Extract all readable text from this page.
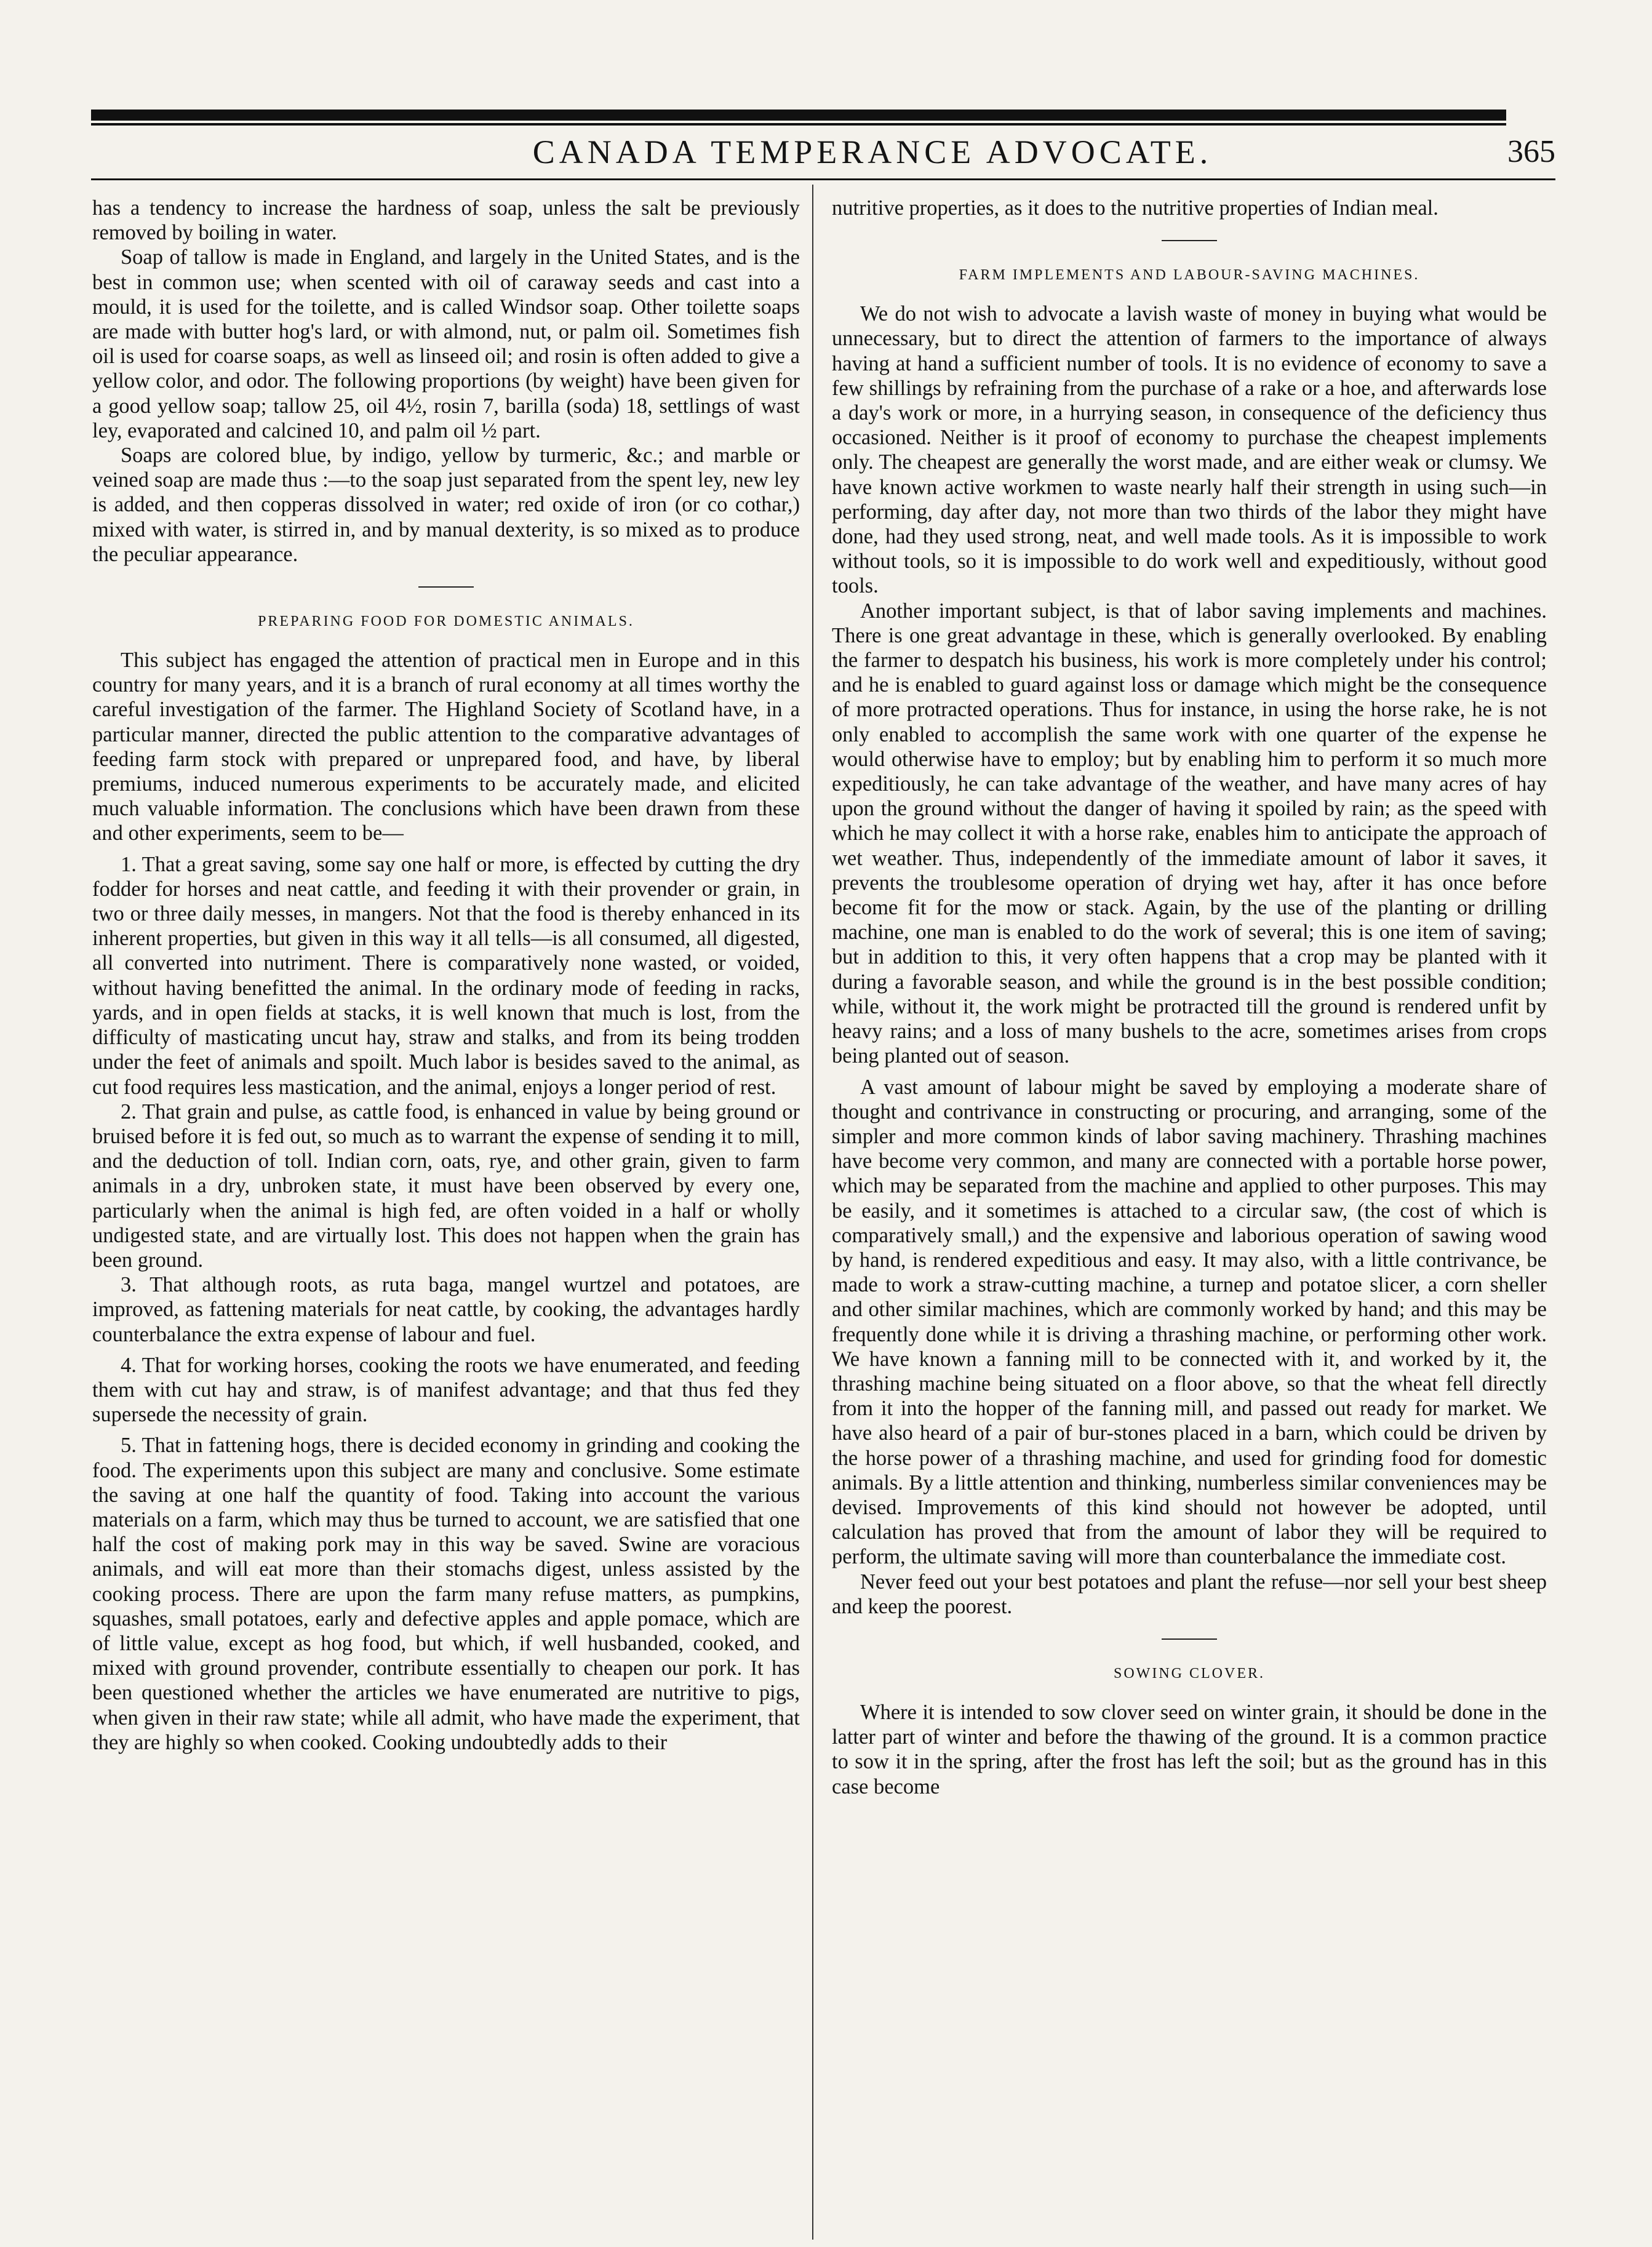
CANADA TEMPERANCE ADVOCATE.	365

has a tendency to increase the hardness of soap, unless the salt be previously removed by boiling in water.

Soap of tallow is made in England, and largely in the United States, and is the best in common use; when scented with oil of caraway seeds and cast into a mould, it is used for the toilette, and is called Windsor soap. Other toilette soaps are made with butter hog's lard, or with almond, nut, or palm oil. Sometimes fish oil is used for coarse soaps, as well as linseed oil; and rosin is often added to give a yellow color, and odor. The following proportions (by weight) have been given for a good yellow soap; tallow 25, oil 4½, rosin 7, barilla (soda) 18, settlings of wast ley, evaporated and calcined 10, and palm oil ½ part.

Soaps are colored blue, by indigo, yellow by turmeric, &c.; and marble or veined soap are made thus :—to the soap just separated from the spent ley, new ley is added, and then copperas dissolved in water; red oxide of iron (or co cothar,) mixed with water, is stirred in, and by manual dexterity, is so mixed as to produce the peculiar appearance.

PREPARING FOOD FOR DOMESTIC ANIMALS.

This subject has engaged the attention of practical men in Europe and in this country for many years, and it is a branch of rural economy at all times worthy the careful investigation of the farmer. The Highland Society of Scotland have, in a particular manner, directed the public attention to the comparative advantages of feeding farm stock with prepared or unprepared food, and have, by liberal premiums, induced numerous experiments to be accurately made, and elicited much valuable information. The conclusions which have been drawn from these and other experiments, seem to be—

1. That a great saving, some say one half or more, is effected by cutting the dry fodder for horses and neat cattle, and feeding it with their provender or grain, in two or three daily messes, in mangers. Not that the food is thereby enhanced in its inherent properties, but given in this way it all tells—is all consumed, all digested, all converted into nutriment. There is comparatively none wasted, or voided, without having benefitted the animal. In the ordinary mode of feeding in racks, yards, and in open fields at stacks, it is well known that much is lost, from the difficulty of masticating uncut hay, straw and stalks, and from its being trodden under the feet of animals and spoilt. Much labor is besides saved to the animal, as cut food requires less mastication, and the animal, enjoys a longer period of rest.

2. That grain and pulse, as cattle food, is enhanced in value by being ground or bruised before it is fed out, so much as to warrant the expense of sending it to mill, and the deduction of toll. Indian corn, oats, rye, and other grain, given to farm animals in a dry, unbroken state, it must have been observed by every one, particularly when the animal is high fed, are often voided in a half or wholly undigested state, and are virtually lost. This does not happen when the grain has been ground.

3. That although roots, as ruta baga, mangel wurtzel and potatoes, are improved, as fattening materials for neat cattle, by cooking, the advantages hardly counterbalance the extra expense of labour and fuel.

4. That for working horses, cooking the roots we have enumerated, and feeding them with cut hay and straw, is of manifest advantage; and that thus fed they supersede the necessity of grain.

5. That in fattening hogs, there is decided economy in grinding and cooking the food. The experiments upon this subject are many and conclusive. Some estimate the saving at one half the quantity of food. Taking into account the various materials on a farm, which may thus be turned to account, we are satisfied that one half the cost of making pork may in this way be saved. Swine are voracious animals, and will eat more than their stomachs digest, unless assisted by the cooking process. There are upon the farm many refuse matters, as pumpkins, squashes, small potatoes, early and defective apples and apple pomace, which are of little value, except as hog food, but which, if well husbanded, cooked, and mixed with ground provender, contribute essentially to cheapen our pork. It has been questioned whether the articles we have enumerated are nutritive to pigs, when given in their raw state; while all admit, who have made the experiment, that they are highly so when cooked. Cooking undoubtedly adds to their

nutritive properties, as it does to the nutritive properties of Indian meal.

FARM IMPLEMENTS AND LABOUR-SAVING MACHINES.

We do not wish to advocate a lavish waste of money in buying what would be unnecessary, but to direct the attention of farmers to the importance of always having at hand a sufficient number of tools. It is no evidence of economy to save a few shillings by refraining from the purchase of a rake or a hoe, and afterwards lose a day's work or more, in a hurrying season, in consequence of the deficiency thus occasioned. Neither is it proof of economy to purchase the cheapest implements only. The cheapest are generally the worst made, and are either weak or clumsy. We have known active workmen to waste nearly half their strength in using such—in performing, day after day, not more than two thirds of the labor they might have done, had they used strong, neat, and well made tools. As it is impossible to work without tools, so it is impossible to do work well and expeditiously, without good tools.

Another important subject, is that of labor saving implements and machines. There is one great advantage in these, which is generally overlooked. By enabling the farmer to despatch his business, his work is more completely under his control; and he is enabled to guard against loss or damage which might be the consequence of more protracted operations. Thus for instance, in using the horse rake, he is not only enabled to accomplish the same work with one quarter of the expense he would otherwise have to employ; but by enabling him to perform it so much more expeditiously, he can take advantage of the weather, and have many acres of hay upon the ground without the danger of having it spoiled by rain; as the speed with which he may collect it with a horse rake, enables him to anticipate the approach of wet weather. Thus, independently of the immediate amount of labor it saves, it prevents the troublesome operation of drying wet hay, after it has once before become fit for the mow or stack. Again, by the use of the planting or drilling machine, one man is enabled to do the work of several; this is one item of saving; but in addition to this, it very often happens that a crop may be planted with it during a favorable season, and while the ground is in the best possible condition; while, without it, the work might be protracted till the ground is rendered unfit by heavy rains; and a loss of many bushels to the acre, sometimes arises from crops being planted out of season.

A vast amount of labour might be saved by employing a moderate share of thought and contrivance in constructing or procuring, and arranging, some of the simpler and more common kinds of labor saving machinery. Thrashing machines have become very common, and many are connected with a portable horse power, which may be separated from the machine and applied to other purposes. This may be easily, and it sometimes is attached to a circular saw, (the cost of which is comparatively small,) and the expensive and laborious operation of sawing wood by hand, is rendered expeditious and easy. It may also, with a little contrivance, be made to work a straw-cutting machine, a turnep and potatoe slicer, a corn sheller and other similar machines, which are commonly worked by hand; and this may be frequently done while it is driving a thrashing machine, or performing other work. We have known a fanning mill to be connected with it, and worked by it, the thrashing machine being situated on a floor above, so that the wheat fell directly from it into the hopper of the fanning mill, and passed out ready for market. We have also heard of a pair of bur-stones placed in a barn, which could be driven by the horse power of a thrashing machine, and used for grinding food for domestic animals. By a little attention and thinking, numberless similar conveniences may be devised. Improvements of this kind should not however be adopted, until calculation has proved that from the amount of labor they will be required to perform, the ultimate saving will more than counterbalance the immediate cost.

Never feed out your best potatoes and plant the refuse—nor sell your best sheep and keep the poorest.

SOWING CLOVER.

Where it is intended to sow clover seed on winter grain, it should be done in the latter part of winter and before the thawing of the ground. It is a common practice to sow it in the spring, after the frost has left the soil; but as the ground has in this case become
